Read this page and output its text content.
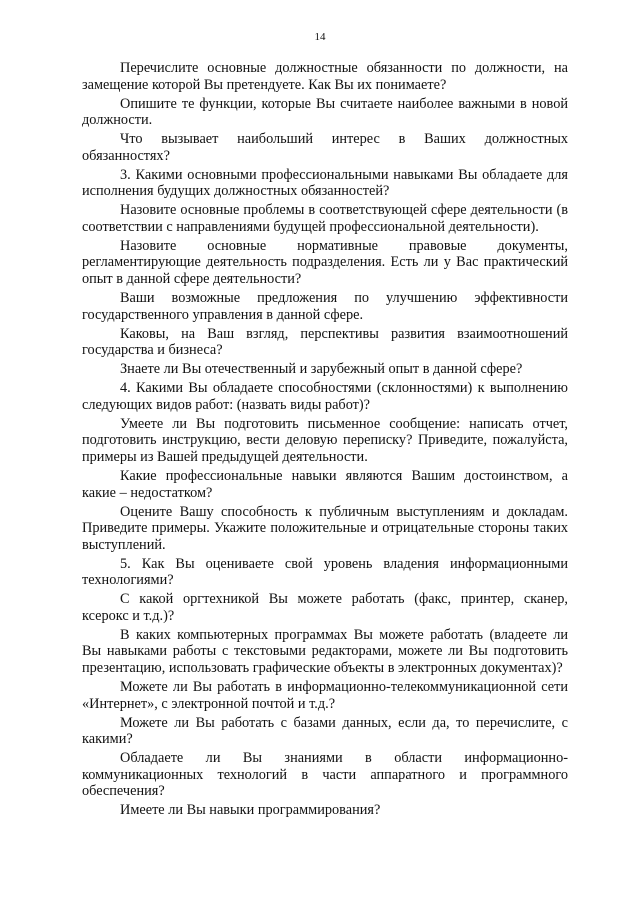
14

Перечислите основные должностные обязанности по должности, на замещение которой Вы претендуете. Как Вы их понимаете?

Опишите те функции, которые Вы считаете наиболее важными в новой должности.

Что вызывает наибольший интерес в Ваших должностных обязанностях?

3. Какими основными профессиональными навыками Вы обладаете для исполнения будущих должностных обязанностей?

Назовите основные проблемы в соответствующей сфере деятельности (в соответствии с направлениями будущей профессиональной деятельности).

Назовите основные нормативные правовые документы, регламентирующие деятельность подразделения. Есть ли у Вас практический опыт в данной сфере деятельности?

Ваши возможные предложения по улучшению эффективности государственного управления в данной сфере.

Каковы, на Ваш взгляд, перспективы развития взаимоотношений государства и бизнеса?

Знаете ли Вы отечественный и зарубежный опыт в данной сфере?

4. Какими Вы обладаете способностями (склонностями) к выполнению следующих видов работ: (назвать виды работ)?

Умеете ли Вы подготовить письменное сообщение: написать отчет, подготовить инструкцию, вести деловую переписку? Приведите, пожалуйста, примеры из Вашей предыдущей деятельности.

Какие профессиональные навыки являются Вашим достоинством, а какие – недостатком?

Оцените Вашу способность к публичным выступлениям и докладам. Приведите примеры. Укажите положительные и отрицательные стороны таких выступлений.

5. Как Вы оцениваете свой уровень владения информационными технологиями?

С какой оргтехникой Вы можете работать (факс, принтер, сканер, ксерокс и т.д.)?

В каких компьютерных программах Вы можете работать (владеете ли Вы навыками работы с текстовыми редакторами, можете ли Вы подготовить презентацию, использовать графические объекты в электронных документах)?

Можете ли Вы работать в информационно-телекоммуникационной сети «Интернет», с электронной почтой и т.д.?

Можете ли Вы работать с базами данных, если да, то перечислите, с какими?

Обладаете ли Вы знаниями в области информационно-коммуникационных технологий в части аппаратного и программного обеспечения?

Имеете ли Вы навыки программирования?
